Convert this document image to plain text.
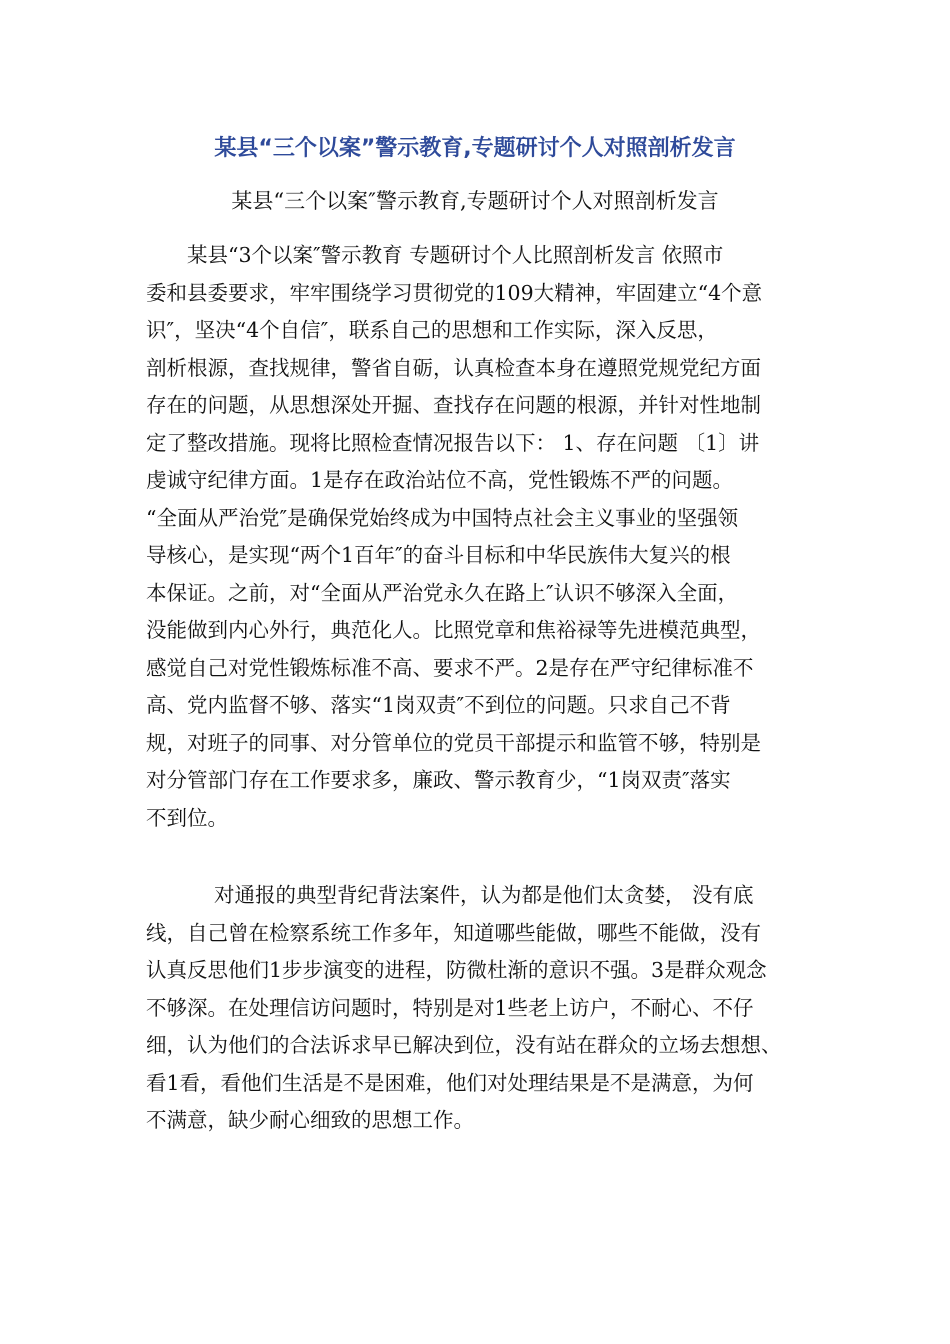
某县“三个以案”警示教育,专题研讨个人对照剖析发言
某县“三个以案″警示教育,专题研讨个人对照剖析发言
　　某县“3个以案″警示教育 专题研讨个人比照剖析发言 依照市
委和县委要求，牢牢围绕学习贯彻党的109大精神，牢固建立“4个意
识″，坚决“4个自信″，联系自己的思想和工作实际，深入反思，
剖析根源，查找规律，警省自砺，认真检查本身在遵照党规党纪方面
存在的问题，从思想深处开掘、查找存在问题的根源，并针对性地制
定了整改措施。现将比照检查情况报告以下： 1、存在问题 〔1〕讲
虔诚守纪律方面。1是存在政治站位不高，党性锻炼不严的问题。
“全面从严治党″是确保党始终成为中国特点社会主义事业的坚强领
导核心，是实现“两个1百年″的奋斗目标和中华民族伟大复兴的根
本保证。之前，对“全面从严治党永久在路上″认识不够深入全面，
没能做到内心外行，典范化人。比照党章和焦裕禄等先进模范典型，
感觉自己对党性锻炼标准不高、要求不严。2是存在严守纪律标准不
高、党内监督不够、落实“1岗双责″不到位的问题。只求自己不背
规，对班子的同事、对分管单位的党员干部提示和监管不够，特别是
对分管部门存在工作要求多，廉政、警示教育少，“1岗双责″落实
不到位。
　　　 对通报的典型背纪背法案件，认为都是他们太贪婪， 没有底
线，自己曾在检察系统工作多年，知道哪些能做，哪些不能做，没有
认真反思他们1步步演变的进程，防微杜渐的意识不强。3是群众观念
不够深。在处理信访问题时，特别是对1些老上访户，不耐心、不仔
细，认为他们的合法诉求早已解决到位，没有站在群众的立场去想想、
看1看，看他们生活是不是困难，他们对处理结果是不是满意，为何
不满意，缺少耐心细致的思想工作。
